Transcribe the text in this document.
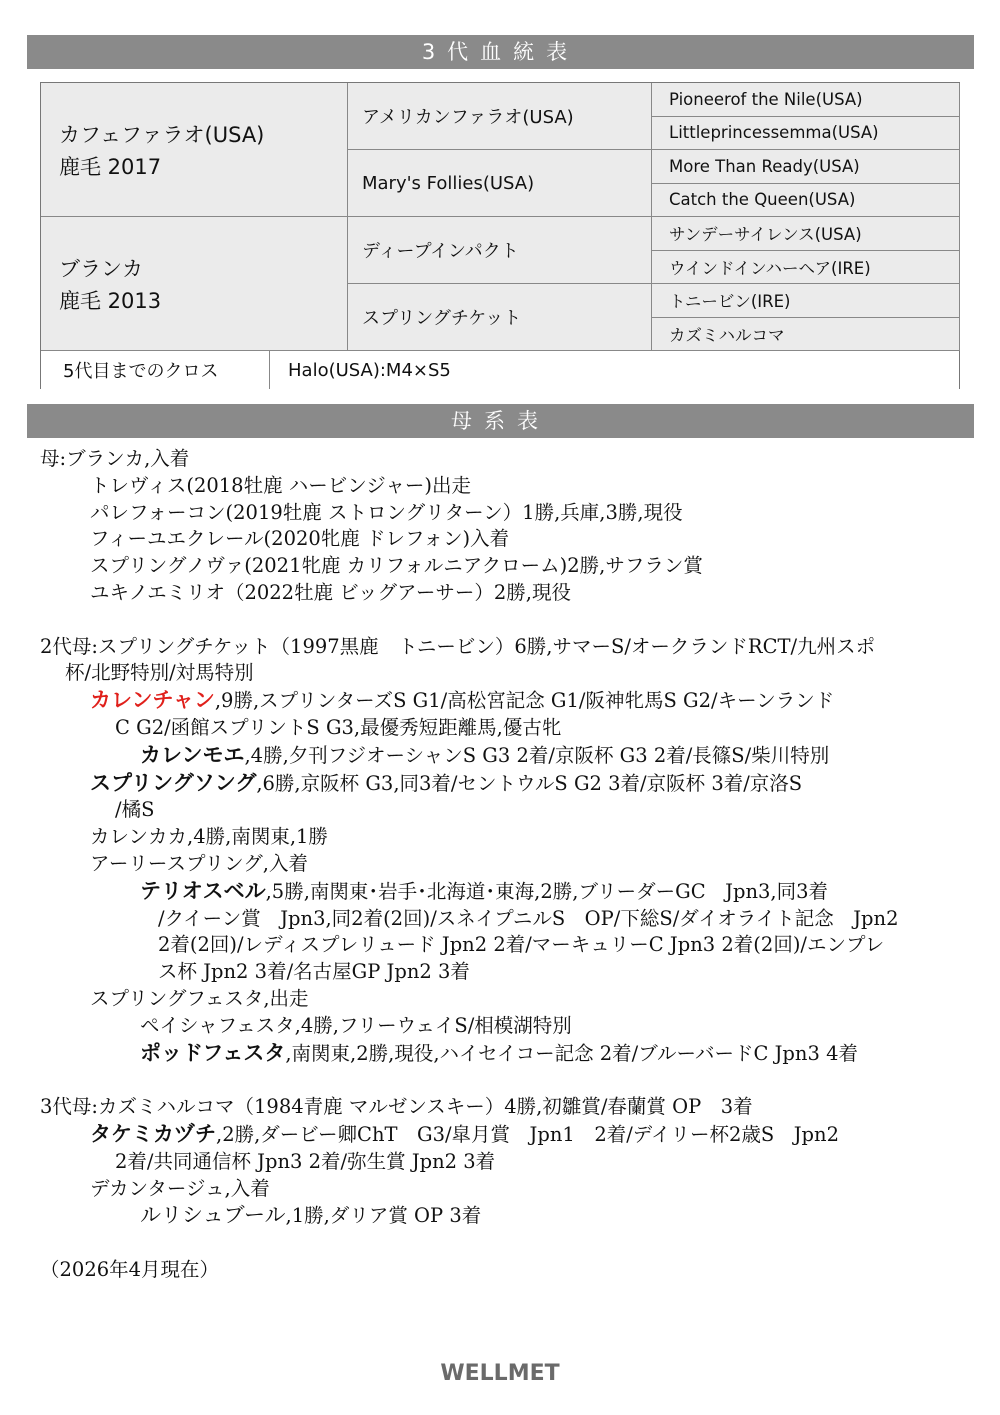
3代血統表
カフェファラオ(USA)
鹿毛 2017
ブランカ
鹿毛 2013
アメリカンファラオ(USA)
Mary's Follies(USA)
ディープインパクト
スプリングチケット
Pioneerof the Nile(USA)
Littleprincessemma(USA)
More Than Ready(USA)
Catch the Queen(USA)
サンデーサイレンス(USA)
ウインドインハーヘア(IRE)
トニービン(IRE)
カズミハルコマ
5代目までのクロス	Halo(USA):M4×S5
母系表
母:ブランカ,入着
トレヴィス(2018牡鹿 ハービンジャー)出走
パレフォーコン(2019牡鹿 ストロングリターン）1勝,兵庫,3勝,現役
フィーユエクレール(2020牝鹿 ドレフォン)入着
スプリングノヴァ(2021牝鹿 カリフォルニアクローム)2勝,サフラン賞
ユキノエミリオ（2022牡鹿 ビッグアーサー）2勝,現役
2代母:スプリングチケット（1997黒鹿　トニービン）6勝,サマーS/オークランドRCT/九州スポ
杯/北野特別/対馬特別
カレンチャン,9勝,スプリンターズS G1/高松宮記念 G1/阪神牝馬S G2/キーンランド
C G2/函館スプリントS G3,最優秀短距離馬,優古牝
カレンモエ,4勝,夕刊フジオーシャンS G3 2着/京阪杯 G3 2着/長篠S/柴川特別
スプリングソング,6勝,京阪杯 G3,同3着/セントウルS G2 3着/京阪杯 3着/京洛S
/橘S
カレンカカ,4勝,南関東,1勝
アーリースプリング,入着
テリオスベル,5勝,南関東･岩手･北海道･東海,2勝,ブリーダーGC　Jpn3,同3着
/クイーン賞　Jpn3,同2着(2回)/スネイプニルS　OP/下総S/ダイオライト記念　Jpn2
2着(2回)/レディスプレリュード Jpn2 2着/マーキュリーC Jpn3 2着(2回)/エンプレ
ス杯 Jpn2 3着/名古屋GP Jpn2 3着
スプリングフェスタ,出走
ペイシャフェスタ,4勝,フリーウェイS/相模湖特別
ポッドフェスタ,南関東,2勝,現役,ハイセイコー記念 2着/ブルーバードC Jpn3 4着
3代母:カズミハルコマ（1984青鹿 マルゼンスキー）4勝,初雛賞/春蘭賞 OP　3着
タケミカヅチ,2勝,ダービー卿ChT　G3/皐月賞　Jpn1　2着/デイリー杯2歳S　Jpn2
2着/共同通信杯 Jpn3 2着/弥生賞 Jpn2 3着
デカンタージュ,入着
ルリシュブール,1勝,ダリア賞 OP 3着
（2026年4月現在）
WELLMET
